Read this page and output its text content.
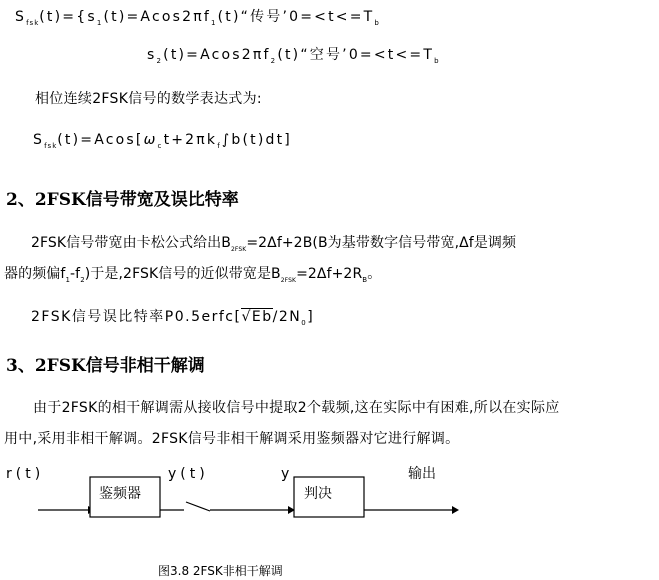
$S_{fsk}(t)=\{s_1(t)=Acos2\pi f_1(t)“$传号$’0=<t<=T_b$

$s_2(t)=Acos2\pi f_2(t)“$空号$’0=<t<=T_b$

相位连续2FSK信号的数学表达式为:

$S_{fsk}(t)=Acos[\omega_ct+2\pi k_f\int b(t)dt]$

2、2FSK信号带宽及误比特率

2FSK信号带宽由卡松公式给出$B_{2FSK}=2\Delta f+2B(B$为基带数字信号带宽,Δf是调频

器的频偏$f_1-f_2$)于是,2FSK信号的近似带宽是$B_{2FSK}=2\Delta f+2R_B$。

2FSK信号误比特率$P0.5erfc[√Eb/2N_0]$

3、2FSK信号非相干解调

由于2FSK的相干解调需从接收信号中提取2个载频,这在实际中有困难,所以在实际应

用中,采用非相干解调。2FSK信号非相干解调采用鉴频器对它进行解调。

r(t)
鉴频器
y(t)	y
判决
输出

图3.8 2FSK非相干解调
